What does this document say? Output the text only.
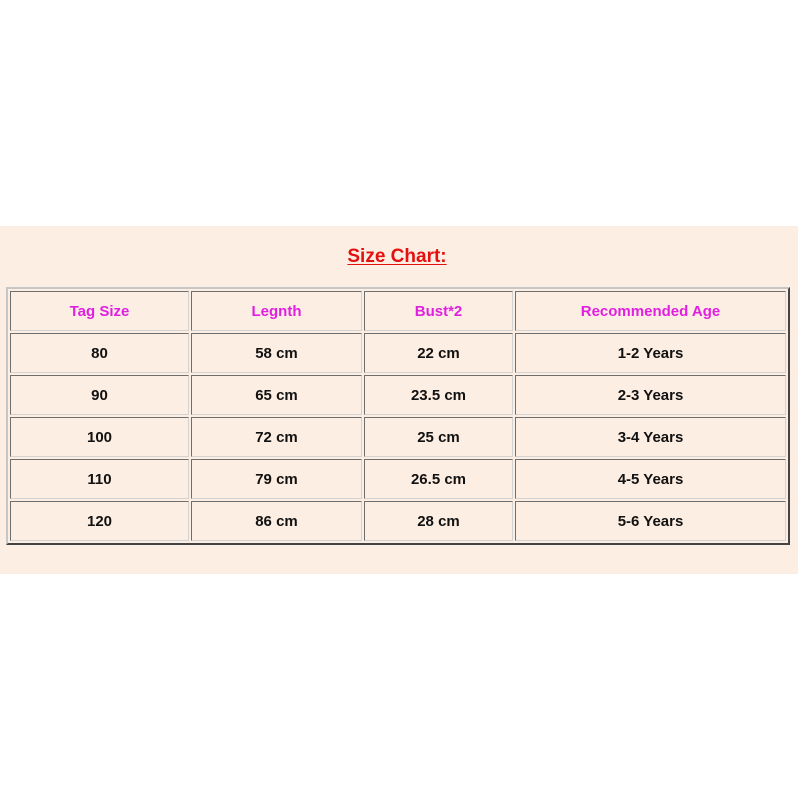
Size Chart:
Tag Size	Legnth	Bust*2	Recommended Age
80	58 cm	22 cm	1-2 Years
90	65 cm	23.5 cm	2-3 Years
100	72 cm	25 cm	3-4 Years
110	79 cm	26.5 cm	4-5 Years
120	86 cm	28 cm	5-6 Years
